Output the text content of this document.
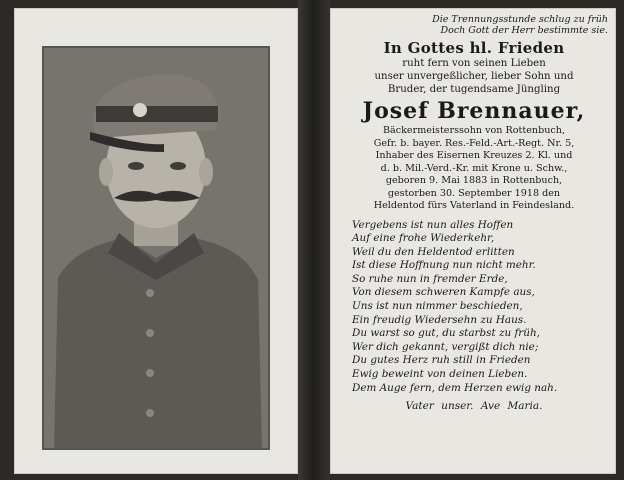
Die Trennungsstunde schlug zu früh
Doch Gott der Herr bestimmte sie.
In Gottes hl. Frieden
ruht fern von seinen Lieben
unser unvergeßlicher, lieber Sohn und
Bruder, der tugendsame Jüngling
Josef Brennauer,
Bäckermeisterssohn von Rottenbuch,
Gefr. b. bayer. Res.-Feld.-Art.-Regt. Nr. 5,
Inhaber des Eisernen Kreuzes 2. Kl. und
d. b. Mil.-Verd.-Kr. mit Krone u. Schw.,
geboren 9. Mai 1883 in Rottenbuch,
gestorben 30. September 1918 den
Heldentod fürs Vaterland in Feindesland.
Vergebens ist nun alles Hoffen
Auf eine frohe Wiederkehr,
Weil du den Heldentod erlitten
Ist diese Hoffnung nun nicht mehr.
So ruhe nun in fremder Erde,
Von diesem schweren Kampfe aus,
Uns ist nun nimmer beschieden,
Ein freudig Wiedersehn zu Haus.
Du warst so gut, du starbst zu früh,
Wer dich gekannt, vergißt dich nie;
Du gutes Herz ruh still in Frieden
Ewig beweint von deinen Lieben.
Dem Auge fern, dem Herzen ewig nah.
Vater unser. Ave Maria.
